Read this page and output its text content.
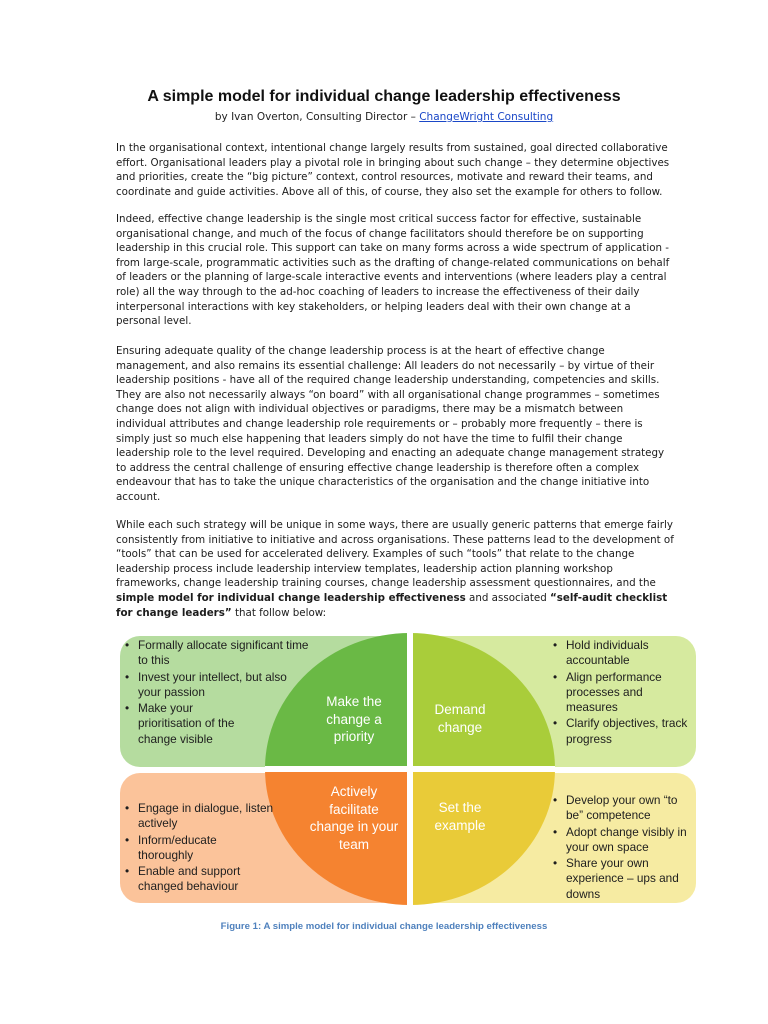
A simple model for individual change leadership effectiveness
by Ivan Overton, Consulting Director – ChangeWright Consulting

In the organisational context, intentional change largely results from sustained, goal directed collaborative effort. Organisational leaders play a pivotal role in bringing about such change – they determine objectives and priorities, create the “big picture” context, control resources, motivate and reward their teams, and coordinate and guide activities. Above all of this, of course, they also set the example for others to follow.

Indeed, effective change leadership is the single most critical success factor for effective, sustainable organisational change, and much of the focus of change facilitators should therefore be on supporting leadership in this crucial role. This support can take on many forms across a wide spectrum of application - from large-scale, programmatic activities such as the drafting of change-related communications on behalf of leaders or the planning of large-scale interactive events and interventions (where leaders play a central role) all the way through to the ad-hoc coaching of leaders to increase the effectiveness of their daily interpersonal interactions with key stakeholders, or helping leaders deal with their own change at a personal level.

Ensuring adequate quality of the change leadership process is at the heart of effective change management, and also remains its essential challenge: All leaders do not necessarily – by virtue of their leadership positions - have all of the required change leadership understanding, competencies and skills. They are also not necessarily always “on board” with all organisational change programmes – sometimes change does not align with individual objectives or paradigms, there may be a mismatch between individual attributes and change leadership role requirements or – probably more frequently – there is simply just so much else happening that leaders simply do not have the time to fulfil their change leadership role to the level required. Developing and enacting an adequate change management strategy to address the central challenge of ensuring effective change leadership is therefore often a complex endeavour that has to take the unique characteristics of the organisation and the change initiative into account.

While each such strategy will be unique in some ways, there are usually generic patterns that emerge fairly consistently from initiative to initiative and across organisations. These patterns lead to the development of “tools” that can be used for accelerated delivery. Examples of such “tools” that relate to the change leadership process include leadership interview templates, leadership action planning workshop frameworks, change leadership training courses, change leadership assessment questionnaires, and the simple model for individual change leadership effectiveness and associated “self-audit checklist for change leaders” that follow below:

Make the change a priority
Demand change
Actively facilitate change in your team
Set the example
• Formally allocate significant time to this
• Invest your intellect, but also your passion
• Make your prioritisation of the change visible
• Hold individuals accountable
• Align performance processes and measures
• Clarify objectives, track progress
• Engage in dialogue, listen actively
• Inform/educate thoroughly
• Enable and support changed behaviour
• Develop your own “to be” competence
• Adopt change visibly in your own space
• Share your own experience – ups and downs
Figure 1: A simple model for individual change leadership effectiveness
